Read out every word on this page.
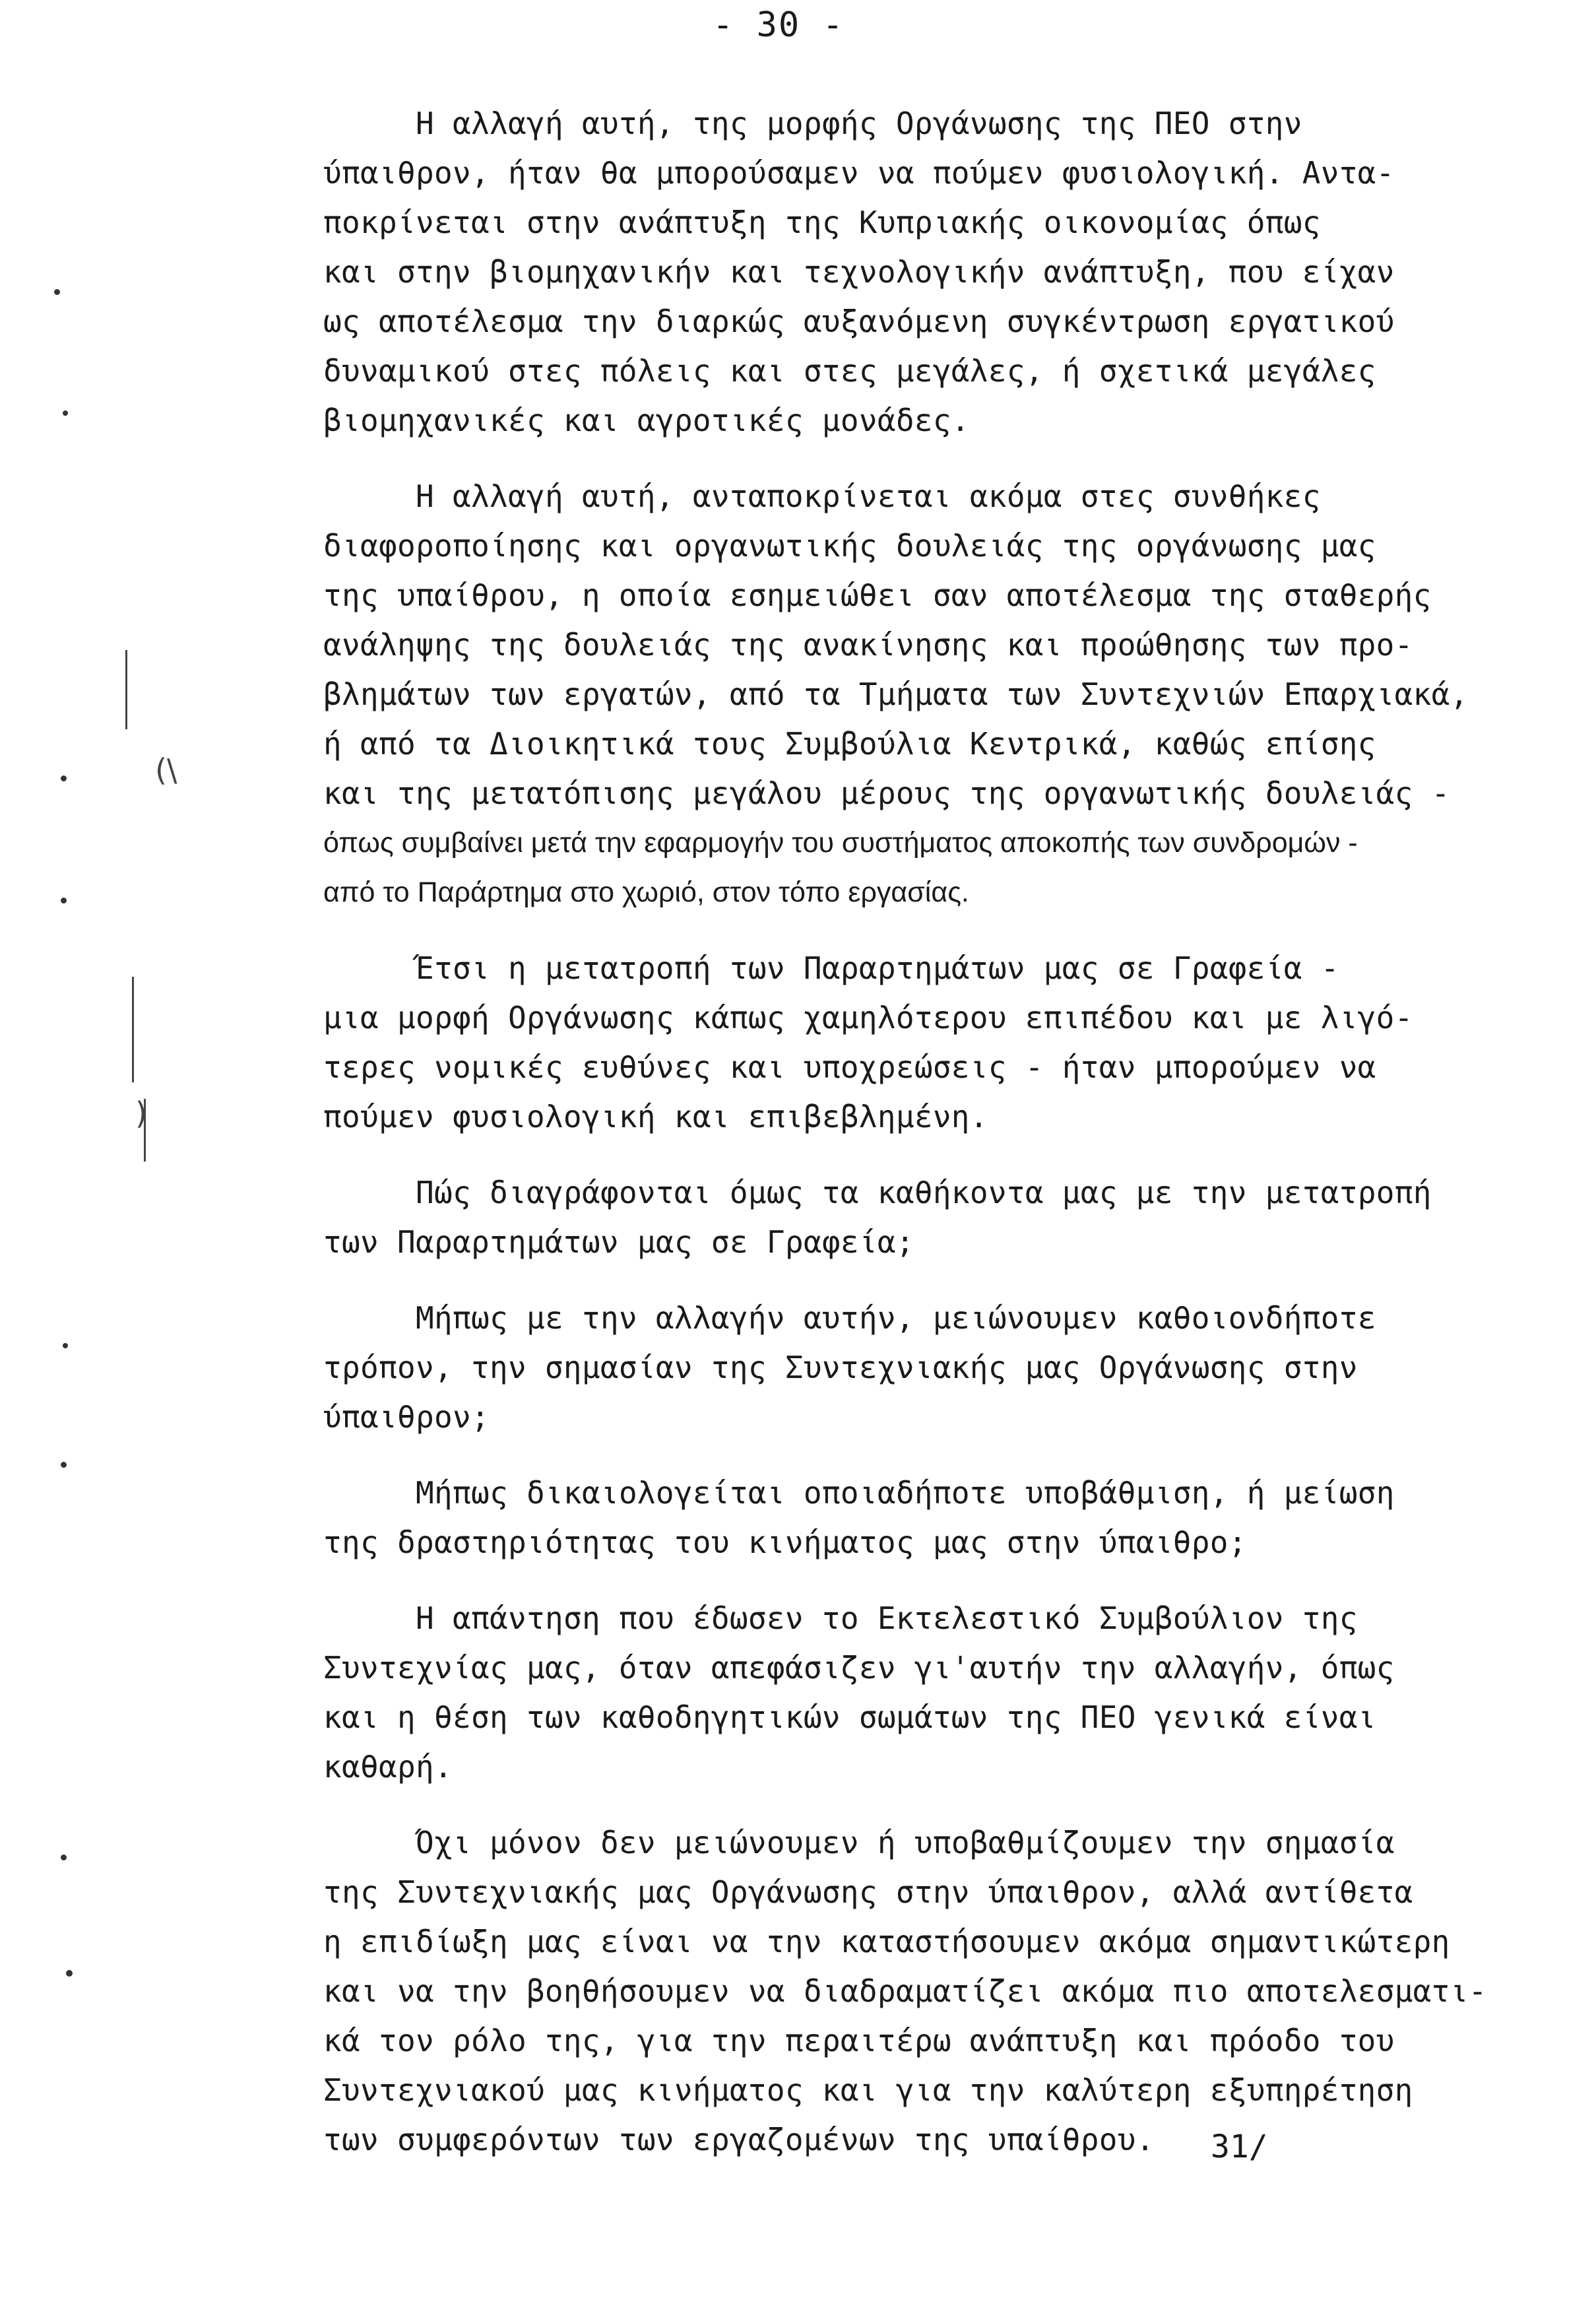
- 30 -
(\
)
Η αλλαγή αυτή, της μορφής Οργάνωσης της ΠΕΟ στην
ύπαιθρον, ήταν θα μπορούσαμεν να πούμεν φυσιολογική. Αντα-
ποκρίνεται στην ανάπτυξη της Κυπριακής οικονομίας όπως
και στην βιομηχανικήν και τεχνολογικήν ανάπτυξη, που είχαν
ως αποτέλεσμα την διαρκώς αυξανόμενη συγκέντρωση εργατικού
δυναμικού στες πόλεις και στες μεγάλες, ή σχετικά μεγάλες
βιομηχανικές και αγροτικές μονάδες.
Η αλλαγή αυτή, ανταποκρίνεται ακόμα στες συνθήκες
διαφοροποίησης και οργανωτικής δουλειάς της οργάνωσης μας
της υπαίθρου, η οποία εσημειώθει σαν αποτέλεσμα της σταθερής
ανάληψης της δουλειάς της ανακίνησης και προώθησης των προ-
βλημάτων των εργατών, από τα Τμήματα των Συντεχνιών Επαρχιακά,
ή από τα Διοικητικά τους Συμβούλια Κεντρικά, καθώς επίσης
και της μετατόπισης μεγάλου μέρους της οργανωτικής δουλειάς -
όπως συμβαίνει μετά την εφαρμογήν του συστήματος αποκοπής των συνδρομών -
από το Παράρτημα στο χωριό, στον τόπο εργασίας.
Έτσι η μετατροπή των Παραρτημάτων μας σε Γραφεία -
μια μορφή Οργάνωσης κάπως χαμηλότερου επιπέδου και με λιγό-
τερες νομικές ευθύνες και υποχρεώσεις - ήταν μπορούμεν να
πούμεν φυσιολογική και επιβεβλημένη.
Πώς διαγράφονται όμως τα καθήκοντα μας με την μετατροπή
των Παραρτημάτων μας σε Γραφεία;
Μήπως με την αλλαγήν αυτήν, μειώνουμεν καθοιονδήποτε
τρόπον, την σημασίαν της Συντεχνιακής μας Οργάνωσης στην
ύπαιθρον;
Μήπως δικαιολογείται οποιαδήποτε υποβάθμιση, ή μείωση
της δραστηριότητας του κινήματος μας στην ύπαιθρο;
Η απάντηση που έδωσεν το Εκτελεστικό Συμβούλιον της
Συντεχνίας μας, όταν απεφάσιζεν γι'αυτήν την αλλαγήν, όπως
και η θέση των καθοδηγητικών σωμάτων της ΠΕΟ γενικά είναι
καθαρή.
Όχι μόνον δεν μειώνουμεν ή υποβαθμίζουμεν την σημασία
της Συντεχνιακής μας Οργάνωσης στην ύπαιθρον, αλλά αντίθετα
η επιδίωξη μας είναι να την καταστήσουμεν ακόμα σημαντικώτερη
και να την βοηθήσουμεν να διαδραματίζει ακόμα πιο αποτελεσματι-
κά τον ρόλο της, για την περαιτέρω ανάπτυξη και πρόοδο του
Συντεχνιακού μας κινήματος και για την καλύτερη εξυπηρέτηση
των συμφερόντων των εργαζομένων της υπαίθρου.	31/
